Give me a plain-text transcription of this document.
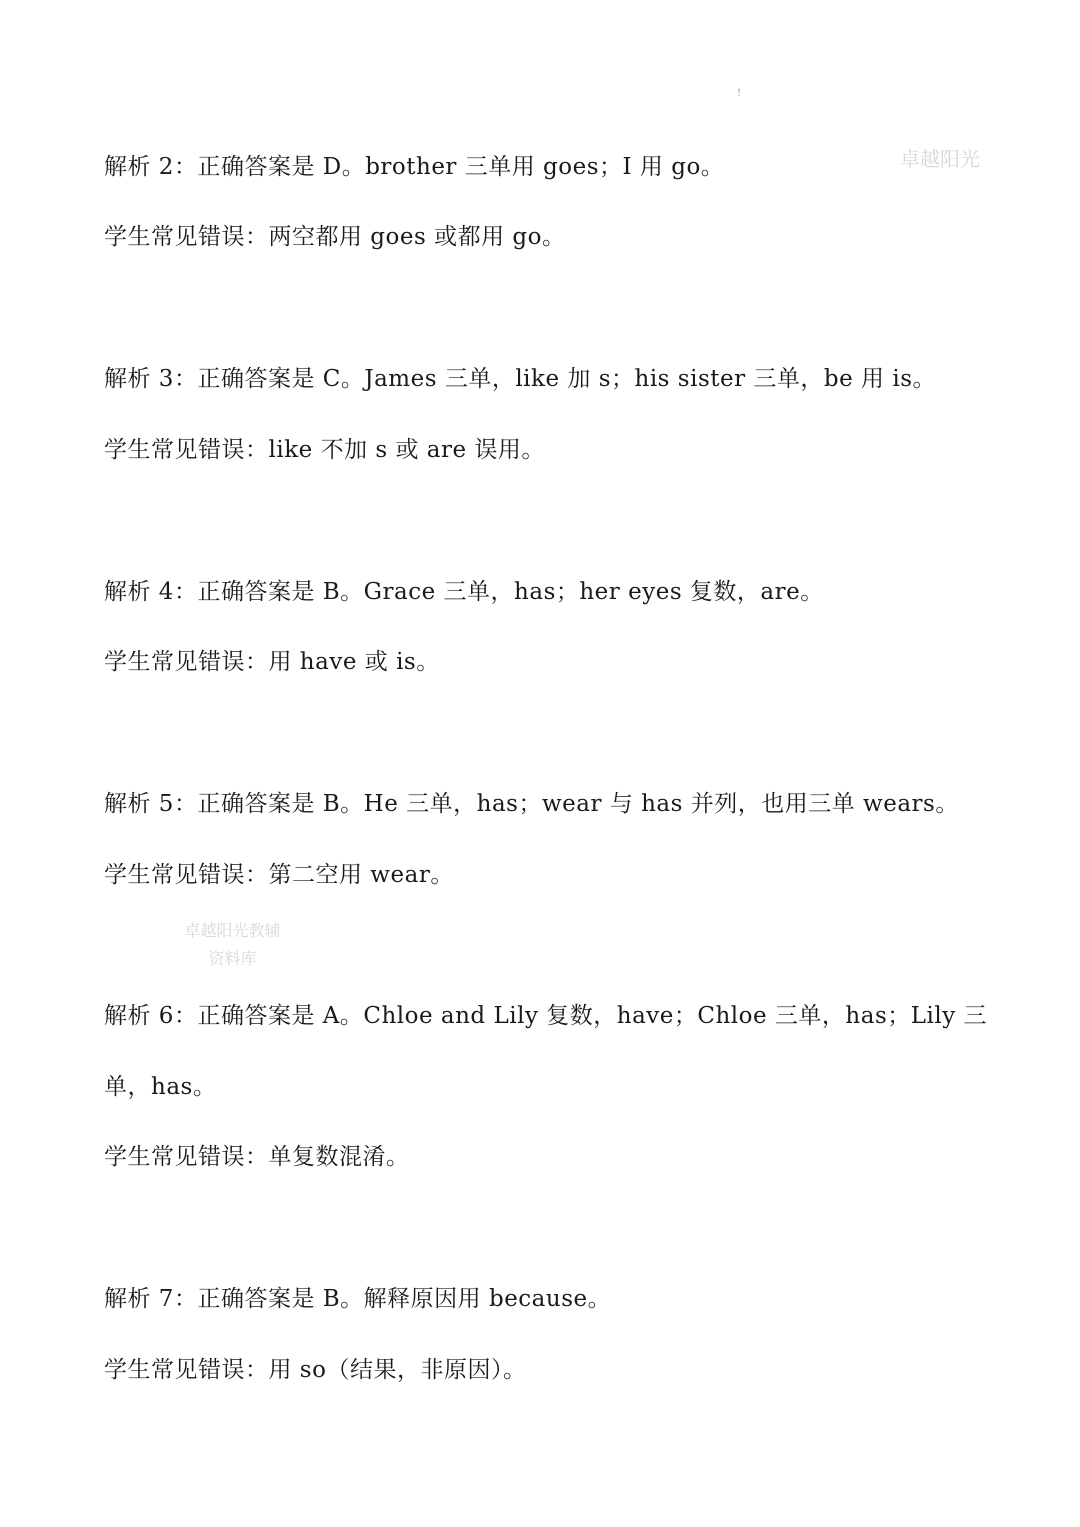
!
卓越阳光
解析 2：正确答案是 D。brother 三单用 goes；I 用 go。
学生常见错误：两空都用 goes 或都用 go。
解析 3：正确答案是 C。James 三单，like 加 s；his sister 三单，be 用 is。
学生常见错误：like 不加 s 或 are 误用。
解析 4：正确答案是 B。Grace 三单，has；her eyes 复数，are。
学生常见错误：用 have 或 is。
解析 5：正确答案是 B。He 三单，has；wear 与 has 并列，也用三单 wears。
学生常见错误：第二空用 wear。
卓越阳光教辅
资料库
解析 6：正确答案是 A。Chloe and Lily 复数，have；Chloe 三单，has；Lily 三
单，has。
学生常见错误：单复数混淆。
解析 7：正确答案是 B。解释原因用 because。
学生常见错误：用 so（结果，非原因）。
